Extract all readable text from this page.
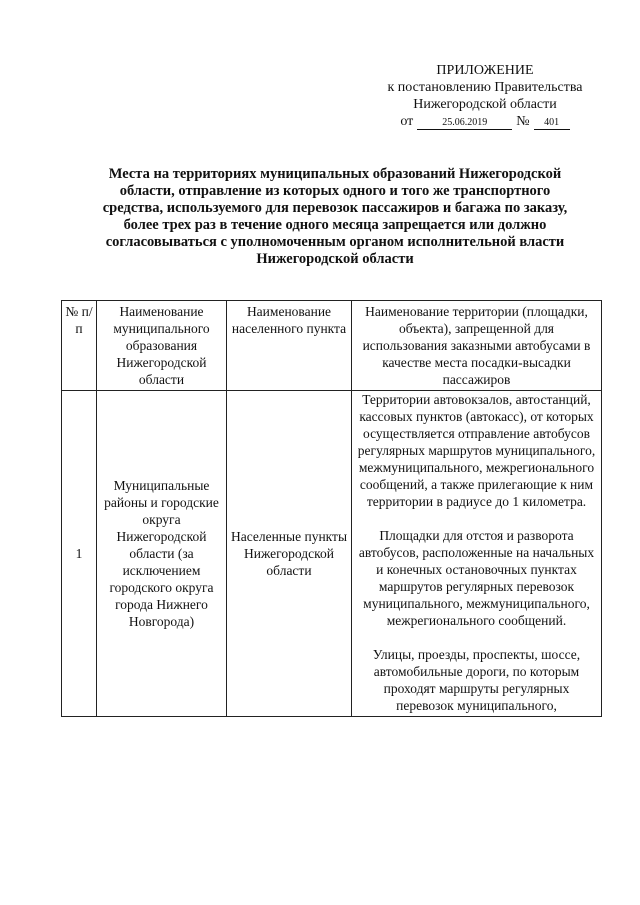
ПРИЛОЖЕНИЕ
к постановлению Правительства
Нижегородской области
от	25.06.2019	№	401
Места на территориях муниципальных образований Нижегородской области, отправление из которых одного и того же транспортного средства, используемого для перевозок пассажиров и багажа по заказу, более трех раз в течение одного месяца запрещается или должно согласовываться с уполномоченным органом исполнительной власти Нижегородской области
№ п/п	Наименование муниципального образования Нижегородской области	Наименование населенного пункта	Наименование территории (площадки, объекта), запрещенной для использования заказными автобусами в качестве места посадки-высадки пассажиров
1	Муниципальные районы и городские округа Нижегородской области (за исключением городского округа города Нижнего Новгорода)	Населенные пункты Нижегородской области	Территории автовокзалов, автостанций, кассовых пунктов (автокасс), от которых осуществляется отправление автобусов регулярных маршрутов муниципального, межмуниципального, межрегионального сообщений, а также прилегающие к ним территории в радиусе до 1 километра.
Площадки для отстоя и разворота автобусов, расположенные на начальных и конечных остановочных пунктах маршрутов регулярных перевозок муниципального, межмуниципального, межрегионального сообщений.
Улицы, проезды, проспекты, шоссе, автомобильные дороги, по которым проходят маршруты регулярных перевозок муниципального,
